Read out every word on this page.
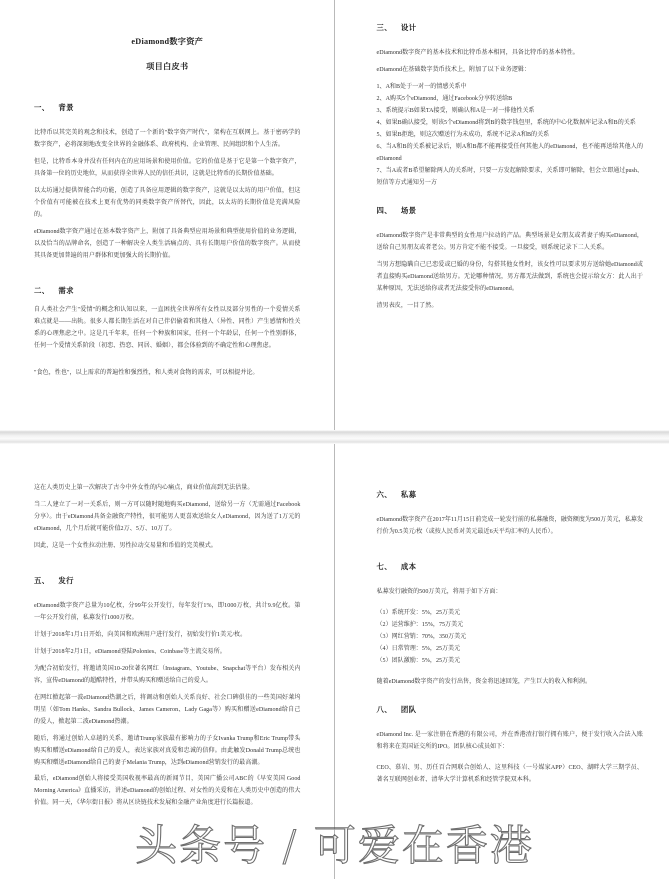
eDiamond数字资产
项目白皮书
一、 背景

比特币以其完美的观念和技术，创造了一个新的"数字资产时代"，架构在互联网上。基于密码学的数字资产，必将深刻地改变全世界的金融体系、政府机构、企业管理、民间组织和个人生活。

但是，比特币本身并没有任何内在的应用场景和使用价值。它的价值是基于它是第一个数字资产，具备第一位的历史地位，从而获得全世界人民的信任共识，这就是比特币的长期价值基础。

以太坊通过提供智能合约功能，创造了具备应用逻辑的数字资产，这就是以太坊的用户价值，但这个价值有可能被在技术上更有优势的同类数字资产所替代，因此，以太坊的长期价值是充满风险的。

eDiamond数字资产通过在基本数字资产上，附加了具备典型应用场景和典型使用价值的业务逻辑，以及恰当的品牌命名，创造了一种解决全人类生活痛点的、具有长期用户价值的数字资产。从而使其具备更加普遍的用户群体和更加强大的长期价值。

二、 需求

自人类社会产生"爱情"的概念和认知以来，一直困扰全世界所有女性以及部分男性的一个爱情关系难点就是——出轨。很多人都长期生活在对自己伴侣偷着和其他人（异性、同性）产生感情和性关系的心理焦虑之中。这是几千年来，任何一个种族和国家，任何一个年龄层，任何一个性别群体，任何一个爱情关系阶段（初恋、热恋、同居、婚姻），都会体验到的不确定性和心理焦虑。

"食色，性也"，以上需求的普遍性和强烈性，和人类对食物的需求，可以相提并论。

三、 设计

eDiamond数字资产的基本技术和比特币基本相同，具备比特币的基本特性。

eDiamond在基础数字货币技术上，附加了以下业务逻辑：

1、A和B处于一对一的情感关系中
2、A购买5个eDiamond，通过Facebook分享转送给B
3、系统提示B如果TA接受，则确认和A是一对一排他性关系
4、如果B确认接受，则该5个eDiamond将到B的数字钱包里，系统的中心化数据库记录A和B的关系
5、如果B拒绝，则这次赠送行为未成功，系统不记录A和B的关系
6、当A和B的关系被记录后，则A和B都不能再接受任何其他人的eDiamond，也不能再送给其他人的eDiamond
7、当A或者B希望解除两人的关系时，只要一方发起解除要求，关系即可解除，但会立即通过push、短信等方式通知另一方
四、 场景

eDiamond数字资产是非常典型的女性用户拉动的产品。典型场景是女朋友或者妻子购买eDiamond，送给自己男朋友或者老公。男方肯定不能不接受。一旦接受，则系统记录下二人关系。

当男方想隐瞒自己已恋爱或已婚的身份，勾搭其他女性时，该女性可以要求男方送给她eDiamond或者直接购买eDiamond送给男方。无论哪种情况，男方都无法做到，系统也会提示给女方：此人出于某种原因，无法送给你或者无法接受你的eDiamond。

渣男表皮，一目了然。

这在人类历史上第一次解决了古今中外女性的内心痛点，商业价值高到无法估量。

当二人建立了一对一关系后，则一方可以随时随地购买eDiamond，送给另一方（无需通过Facebook分享）。由于eDiamond具备金融资产特性，很可能男人更喜欢送给女人eDiamond，因为送了1万元的eDiamond，几个月后就可能价值2万、5万、10万了。

因此，这是一个女性拉动注册、男性拉动交易量和币值的完美模式。

五、 发行

eDiamond数字资产总量为10亿枚，分99年公开发行，每年发行1%，即1000万枚，共计9.9亿枚。第一年公开发行前，私募发行1000万枚。

计划于2018年1月1日开始，向美国和欧洲用户进行发行，初始发行价1美元/枚。

计划于2018年2月1日，eDiamond登陆Polonies、Coinbase等主流交易所。

为配合初始发行，将邀请美国10-20位著名网红（Instagram、Youtube、Snapchat等平台）发布相关内容，宣传eDiamond的超酷特性，并带头购买和赠送给自己的爱人。

在网红掀起第一波eDiamond热潮之后，将调动和创始人关系良好、社会口碑俱佳的一些美国好莱坞明星（如Tom Hanks、Sandra Bullock、James Cameron、Lady Gaga等）购买和赠送eDiamond给自己的爱人，掀起第二波eDiamond热潮。

随后，将通过创始人卓越的关系，邀请Trump家族最有影响力的子女Ivanka Trump和Eric Trump带头购买和赠送eDiamond给自己的爱人，表达家族对真爱和忠诚的信仰。由此触发Donald Trump总统也购买和赠送eDiamond给自己的妻子Melania Trump，达到eDiamond营销发行的最高潮。

最后，eDiamond创始人将接受美国收视率最高的新闻节目，美国广播公司ABC的《早安美国 Good Morning America》直播采访，讲述eDiamond的创始过程、对女性的关爱和在人类历史中创造的伟大价值。同一天，《华尔街日报》将从区块链技术发展和金融产业角度进行长篇报道。

六、 私募

eDiamond数字资产在2017年11月15日前完成一轮发行前的私募融资，融资额度为500万美元，私募发行价为0.5美元/枚（或按人民币对美元最近6天平均汇率的人民币）。

七、 成本

私募发行融资的500万美元，将用于如下方面：

（1）系统开发：5%，25万美元
（2）运营维护：15%，75万美元
（3）网红营销：70%，350万美元
（4）日常管理：5%，25万美元
（5）团队激励：5%，25万美元

随着eDiamond数字资产的发行出售，资金将迅速回笼，产生巨大的收入和利润。

八、 团队

eDiamond Inc. 是一家注册在香港的有限公司，并在香港渣打银行拥有账户，便于发行收入合法入账和将来在美国证交所的IPO。团队核心成员如下：

CEO、慕岩、男、历任百合网联合创始人、这里科技（一号媒家APP）CEO、湖畔大学三期学员、著名互联网创业者、清华大学计算机系和经管学院双本科。
